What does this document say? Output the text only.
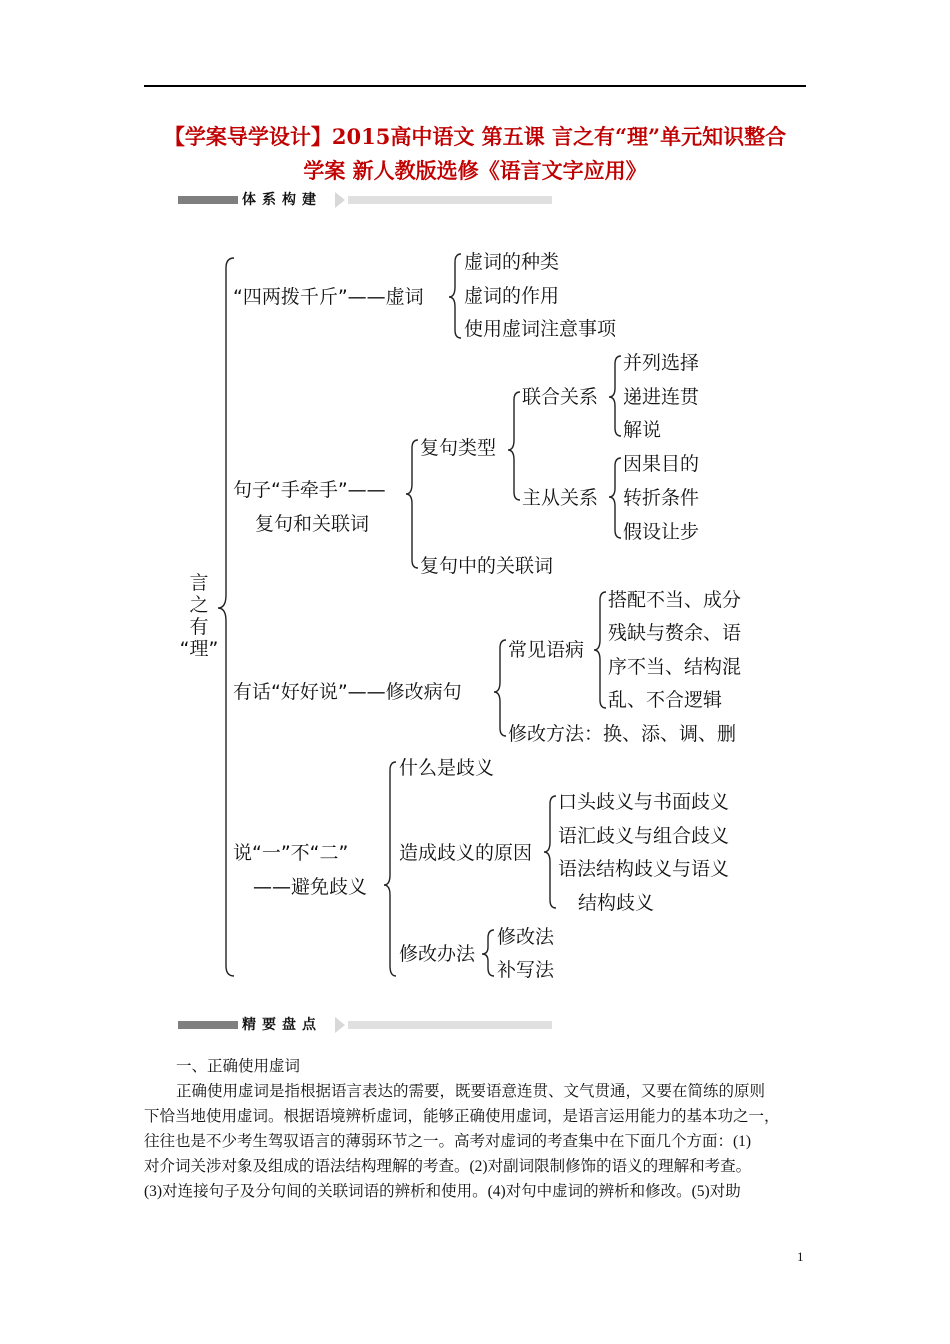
【学案导学设计】2015高中语文 第五课 言之有“理”单元知识整合
学案 新人教版选修《语言文字应用》
体系构建
言
之
有
“理”
“四两拨千斤”——虚词
虚词的种类
虚词的作用
使用虚词注意事项
句子“手牵手”——
复句和关联词
复句类型
联合关系
并列选择
递进连贯
解说
主从关系
因果目的
转折条件
假设让步
复句中的关联词
有话“好好说”——修改病句
常见语病
搭配不当、成分
残缺与赘余、语
序不当、结构混
乱、不合逻辑
修改方法：换、添、调、删
说“一”不“二”
——避免歧义
什么是歧义
造成歧义的原因
口头歧义与书面歧义
语汇歧义与组合歧义
语法结构歧义与语义
结构歧义
修改办法
修改法
补写法
精要盘点

一、正确使用虚词

正确使用虚词是指根据语言表达的需要，既要语意连贯、文气贯通，又要在简练的原则

下恰当地使用虚词。根据语境辨析虚词，能够正确使用虚词，是语言运用能力的基本功之一，

往往也是不少考生驾驭语言的薄弱环节之一。高考对虚词的考查集中在下面几个方面：(1)

对介词关涉对象及组成的语法结构理解的考查。(2)对副词限制修饰的语义的理解和考查。

(3)对连接句子及分句间的关联词语的辨析和使用。(4)对句中虚词的辨析和修改。(5)对助

1
